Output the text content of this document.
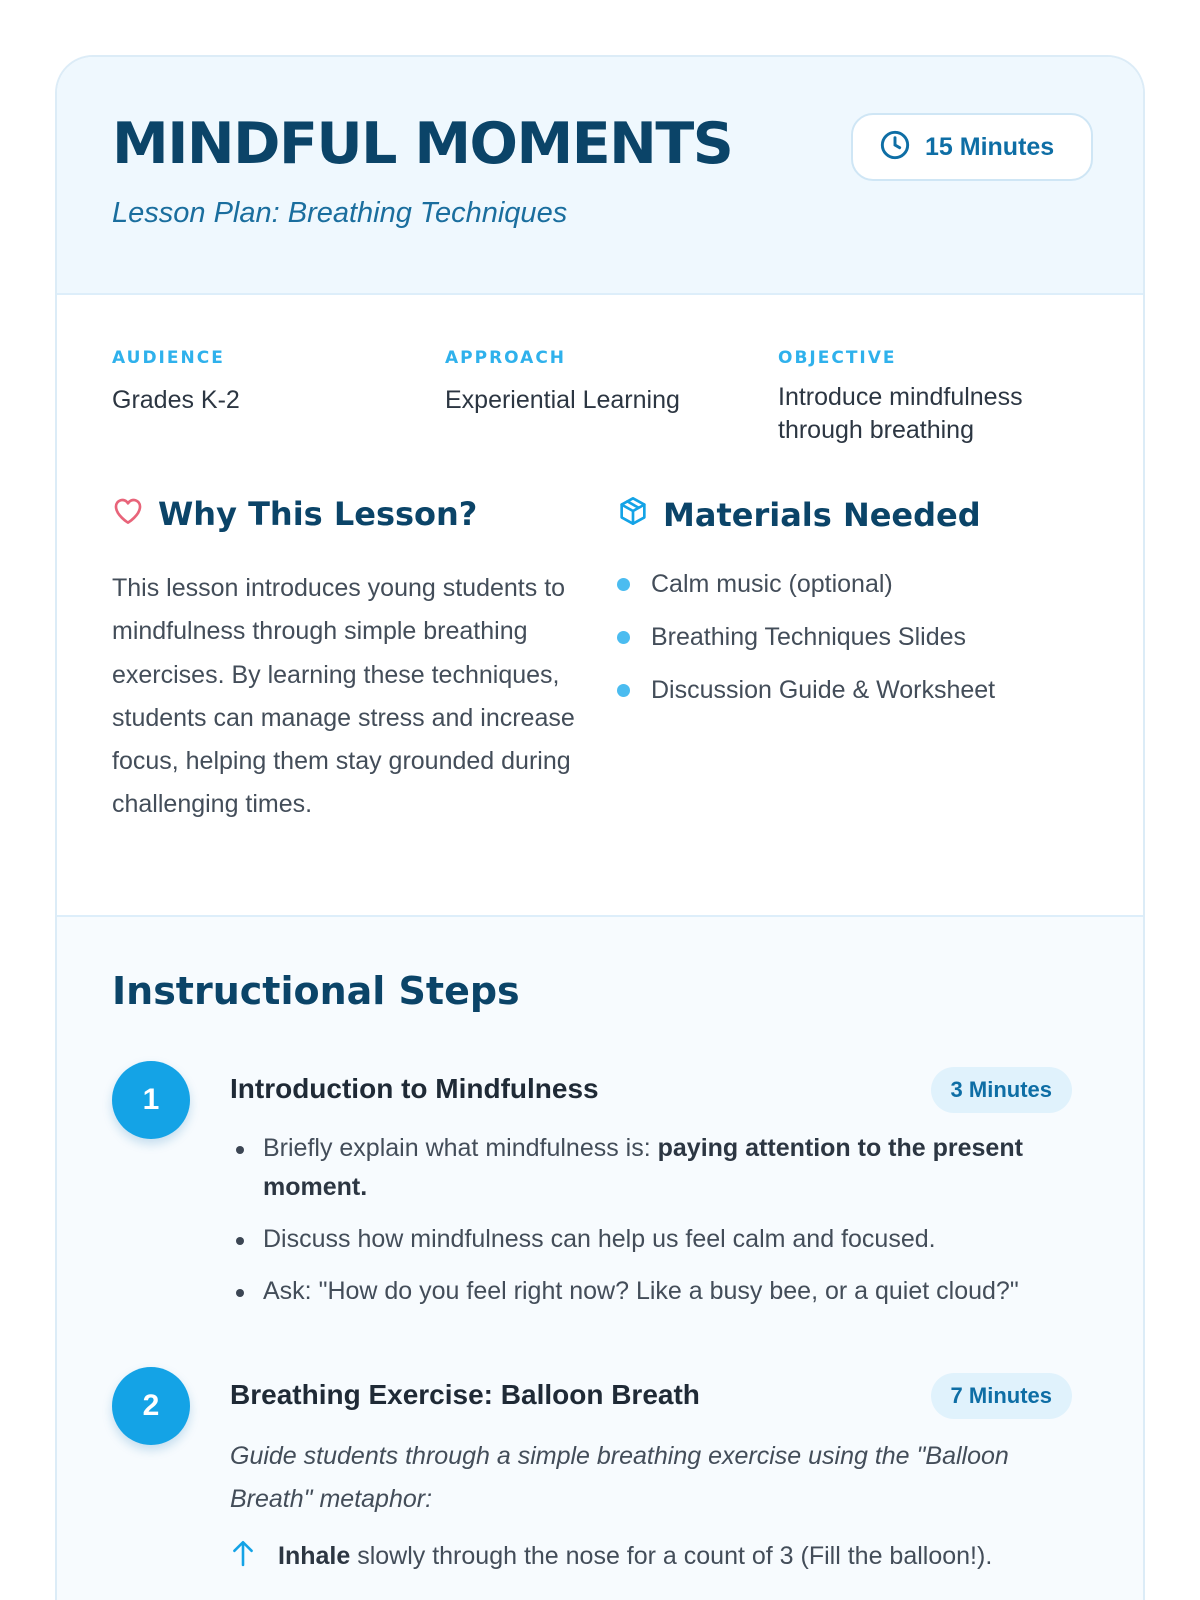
MINDFUL MOMENTS
Lesson Plan: Breathing Techniques
15 Minutes
AUDIENCE
Grades K-2
APPROACH
Experiential Learning
OBJECTIVE
Introduce mindfulness through breathing
Why This Lesson?

This lesson introduces young students to mindfulness through simple breathing exercises. By learning these techniques, students can manage stress and increase focus, helping them stay grounded during challenging times.

Materials Needed
Calm music (optional)
Breathing Techniques Slides
Discussion Guide & Worksheet
Instructional Steps
1	Introduction to Mindfulness	3 Minutes
Briefly explain what mindfulness is: paying attention to the present moment.
Discuss how mindfulness can help us feel calm and focused.
Ask: "How do you feel right now? Like a busy bee, or a quiet cloud?"
2	Breathing Exercise: Balloon Breath	7 Minutes

Guide students through a simple breathing exercise using the "Balloon Breath" metaphor:

Inhale slowly through the nose for a count of 3 (Fill the balloon!).
